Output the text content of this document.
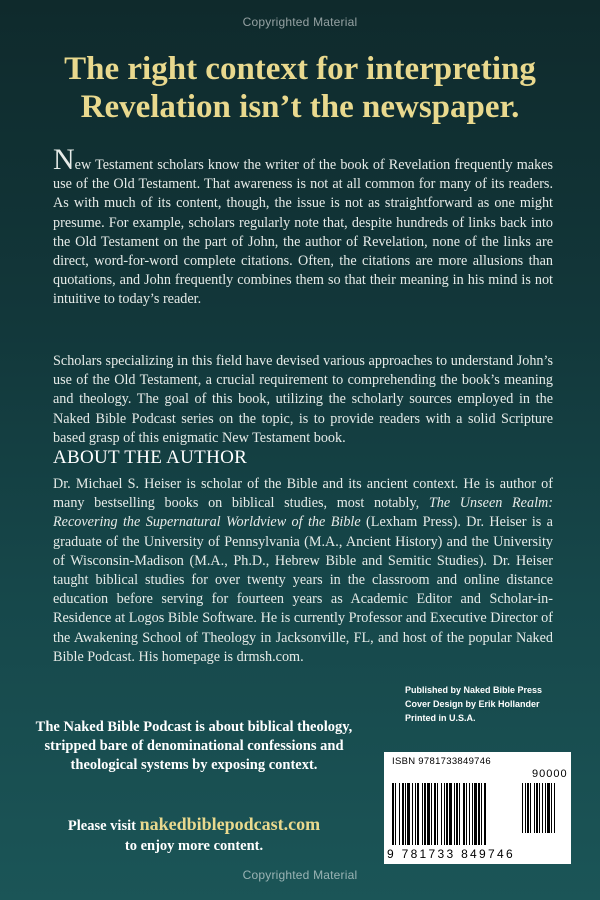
Copyrighted Material
The right context for interpreting Revelation isn’t the newspaper.

New Testament scholars know the writer of the book of Revelation frequently makes use of the Old Testament. That awareness is not at all common for many of its readers. As with much of its content, though, the issue is not as straightforward as one might presume. For example, scholars regularly note that, despite hundreds of links back into the Old Testament on the part of John, the author of Revelation, none of the links are direct, word-for-word complete citations. Often, the citations are more allusions than quotations, and John frequently combines them so that their meaning in his mind is not intuitive to today’s reader.

Scholars specializing in this field have devised various approaches to understand John’s use of the Old Testament, a crucial requirement to comprehending the book’s meaning and theology. The goal of this book, utilizing the scholarly sources employed in the Naked Bible Podcast series on the topic, is to provide readers with a solid Scripture based grasp of this enigmatic New Testament book.

ABOUT THE AUTHOR

Dr. Michael S. Heiser is scholar of the Bible and its ancient context. He is author of many bestselling books on biblical studies, most notably, The Unseen Realm: Recovering the Supernatural Worldview of the Bible (Lexham Press). Dr. Heiser is a graduate of the University of Pennsylvania (M.A., Ancient History) and the University of Wisconsin-Madison (M.A., Ph.D., Hebrew Bible and Semitic Studies). Dr. Heiser taught biblical studies for over twenty years in the classroom and online distance education before serving for fourteen years as Academic Editor and Scholar-in-Residence at Logos Bible Software. He is currently Professor and Executive Director of the Awakening School of Theology in Jacksonville, FL, and host of the popular Naked Bible Podcast. His homepage is drmsh.com.

Published by Naked Bible Press
Cover Design by Erik Hollander
Printed in U.S.A.
The Naked Bible Podcast is about biblical theology, stripped bare of denominational confessions and theological systems by exposing context.
Please visit nakedbiblepodcast.com
to enjoy more content.
ISBN 9781733849746
90000
9 781733 849746
Copyrighted Material
